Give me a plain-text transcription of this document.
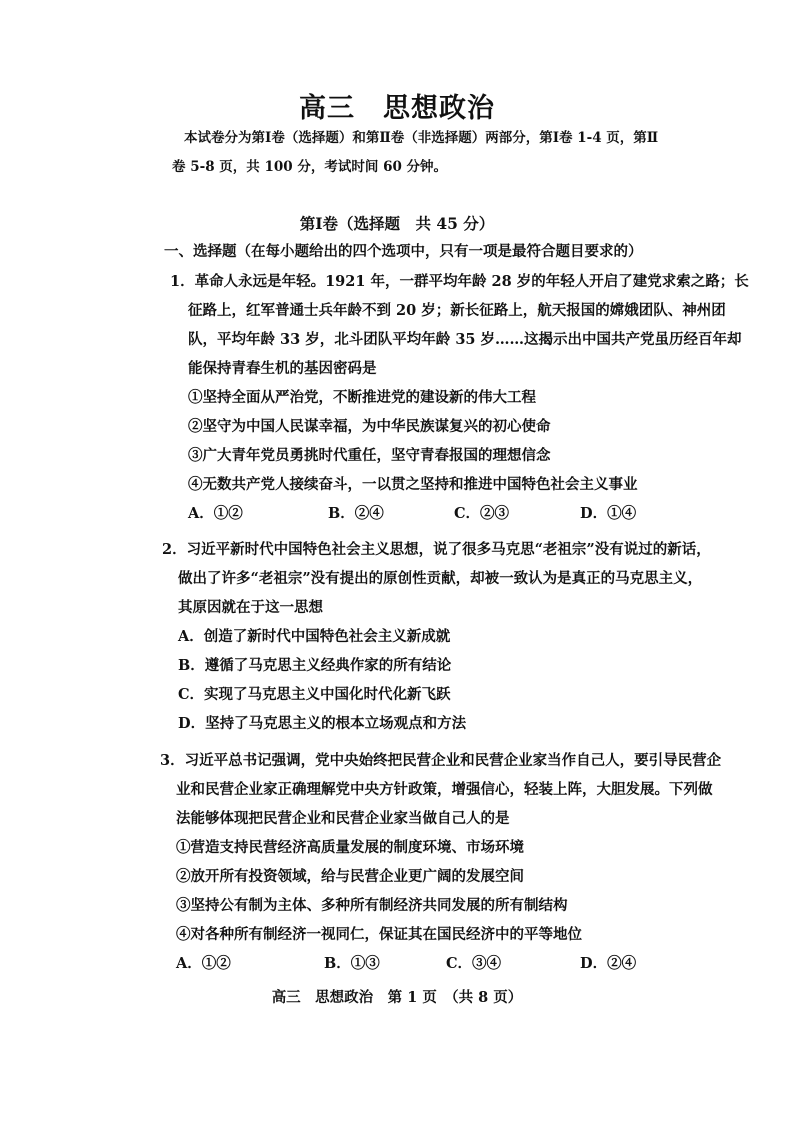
高三　思想政治
本试卷分为第Ⅰ卷（选择题）和第Ⅱ卷（非选择题）两部分，第Ⅰ卷 1-4 页，第Ⅱ
卷 5-8 页，共 100 分，考试时间 60 分钟。
第Ⅰ卷（选择题　共 45 分）
一、选择题（在每小题给出的四个选项中，只有一项是最符合题目要求的）
1．革命人永远是年轻。1921 年，一群平均年龄 28 岁的年轻人开启了建党求索之路；长
征路上，红军普通士兵年龄不到 20 岁；新长征路上，航天报国的嫦娥团队、神州团
队，平均年龄 33 岁，北斗团队平均年龄 35 岁……这揭示出中国共产党虽历经百年却
能保持青春生机的基因密码是
①坚持全面从严治党，不断推进党的建设新的伟大工程
②坚守为中国人民谋幸福，为中华民族谋复兴的初心使命
③广大青年党员勇挑时代重任，坚守青春报国的理想信念
④无数共产党人接续奋斗，一以贯之坚持和推进中国特色社会主义事业
A．①②	B．②④	C．②③	D．①④
2．习近平新时代中国特色社会主义思想，说了很多马克思“老祖宗”没有说过的新话，
做出了许多“老祖宗”没有提出的原创性贡献，却被一致认为是真正的马克思主义，
其原因就在于这一思想
A．创造了新时代中国特色社会主义新成就
B．遵循了马克思主义经典作家的所有结论
C．实现了马克思主义中国化时代化新飞跃
D．坚持了马克思主义的根本立场观点和方法
3．习近平总书记强调，党中央始终把民营企业和民营企业家当作自己人，要引导民营企
业和民营企业家正确理解党中央方针政策，增强信心，轻装上阵，大胆发展。下列做
法能够体现把民营企业和民营企业家当做自己人的是
①营造支持民营经济高质量发展的制度环境、市场环境
②放开所有投资领域，给与民营企业更广阔的发展空间
③坚持公有制为主体、多种所有制经济共同发展的所有制结构
④对各种所有制经济一视同仁，保证其在国民经济中的平等地位
A．①②	B．①③	C．③④	D．②④
高三　思想政治　第 1 页　（共 8 页）
